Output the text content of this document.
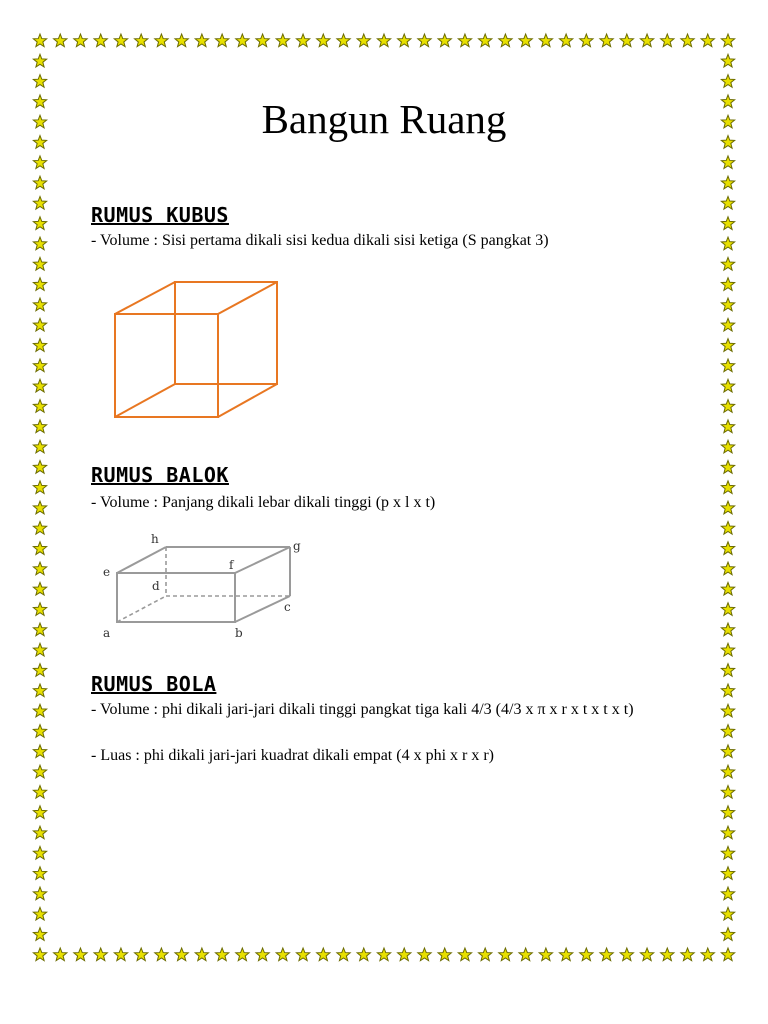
Bangun Ruang
RUMUS KUBUS

- Volume : Sisi pertama dikali sisi kedua dikali sisi ketiga (S pangkat 3)

RUMUS BALOK

- Volume : Panjang dikali lebar dikali tinggi (p x l x t)

a	b
c
d
e	f
g
h
RUMUS BOLA

- Volume : phi dikali jari-jari dikali tinggi pangkat tiga kali 4/3 (4/3 x π x r x t x t x t)

- Luas : phi dikali jari-jari kuadrat dikali empat (4 x phi x r x r)
